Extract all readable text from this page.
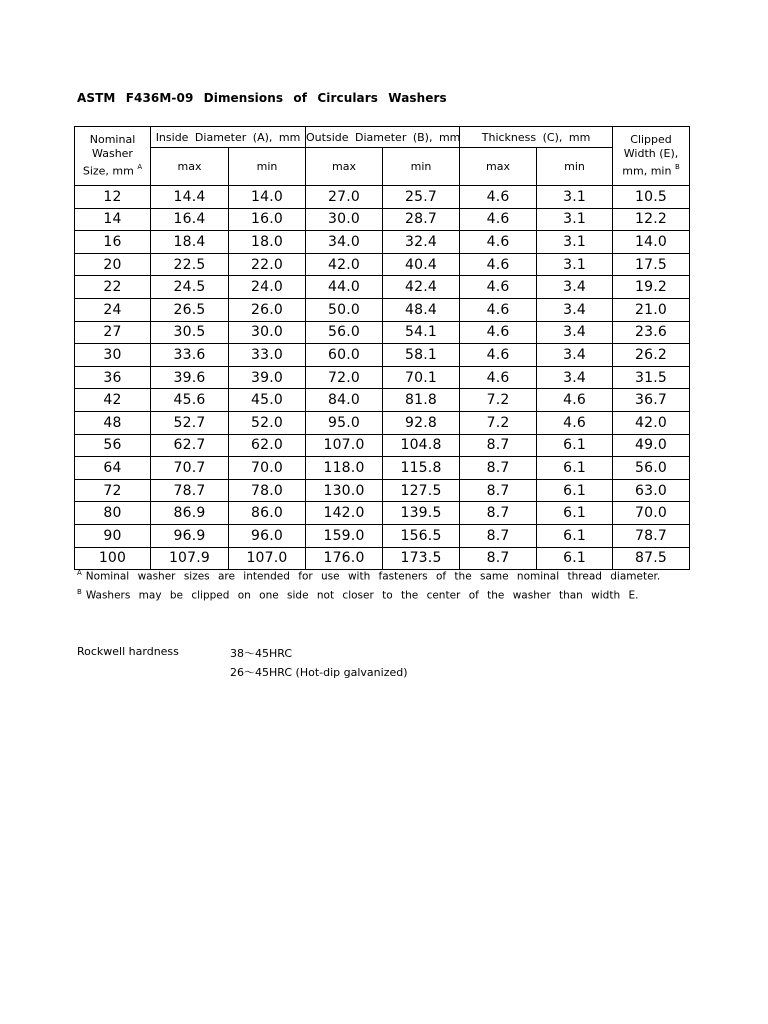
ASTM F436M-09 Dimensions of Circulars Washers
Nominal
Washer
Size, mm $^A$	Inside Diameter (A), mm		Outside Diameter (B), mm		Thickness (C), mm		Clipped
Width (E),
mm, min $^B$
	max	min	max	min	max	min	
12	14.4	14.0	27.0	25.7	4.6	3.1	10.5
14	16.4	16.0	30.0	28.7	4.6	3.1	12.2
16	18.4	18.0	34.0	32.4	4.6	3.1	14.0
20	22.5	22.0	42.0	40.4	4.6	3.1	17.5
22	24.5	24.0	44.0	42.4	4.6	3.4	19.2
24	26.5	26.0	50.0	48.4	4.6	3.4	21.0
27	30.5	30.0	56.0	54.1	4.6	3.4	23.6
30	33.6	33.0	60.0	58.1	4.6	3.4	26.2
36	39.6	39.0	72.0	70.1	4.6	3.4	31.5
42	45.6	45.0	84.0	81.8	7.2	4.6	36.7
48	52.7	52.0	95.0	92.8	7.2	4.6	42.0
56	62.7	62.0	107.0	104.8	8.7	6.1	49.0
64	70.7	70.0	118.0	115.8	8.7	6.1	56.0
72	78.7	78.0	130.0	127.5	8.7	6.1	63.0
80	86.9	86.0	142.0	139.5	8.7	6.1	70.0
90	96.9	96.0	159.0	156.5	8.7	6.1	78.7
100	107.9	107.0	176.0	173.5	8.7	6.1	87.5
$^A$ Nominal washer sizes are intended for use with fasteners of the same nominal thread diameter.
$^B$ Washers may be clipped on one side not closer to the center of the washer than width E.
Rockwell hardness	38～45HRC
26～45HRC (Hot-dip galvanized)
